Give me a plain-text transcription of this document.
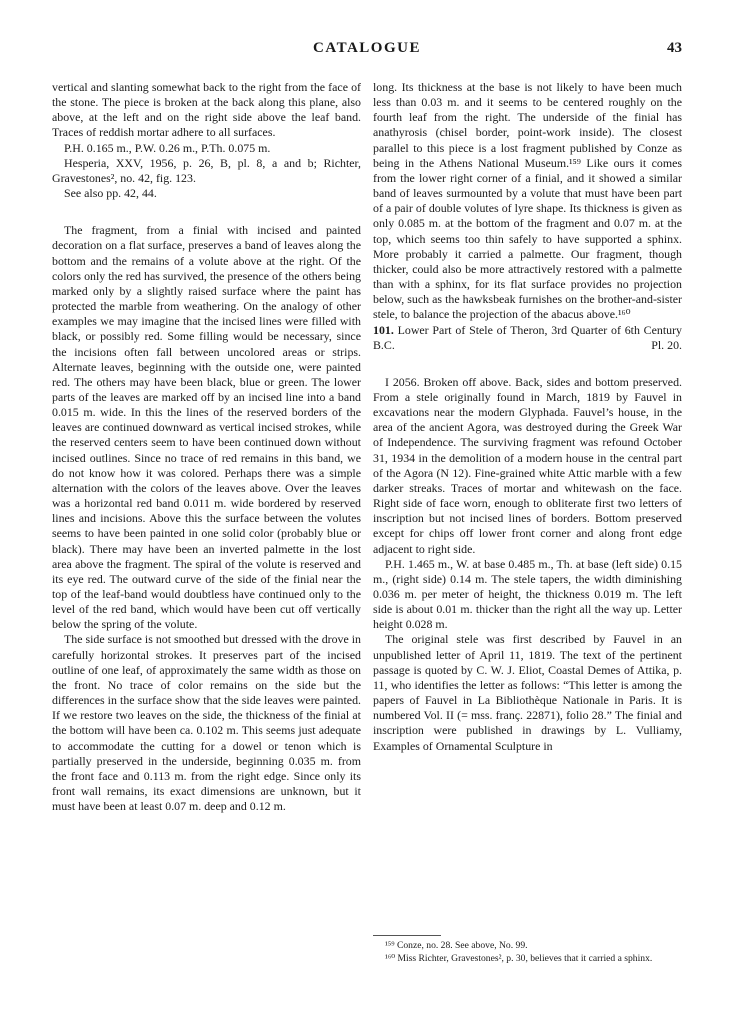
CATALOGUE	43

vertical and slanting somewhat back to the right from the face of the stone. The piece is broken at the back along this plane, also above, at the left and on the right side above the leaf band. Traces of reddish mortar adhere to all surfaces.

P.H. 0.165 m., P.W. 0.26 m., P.Th. 0.075 m.

Hesperia, XXV, 1956, p. 26, B, pl. 8, a and b; Richter, Gravestones², no. 42, fig. 123.

See also pp. 42, 44.

The fragment, from a finial with incised and painted decoration on a flat surface, preserves a band of leaves along the bottom and the remains of a volute above at the right. Of the colors only the red has survived, the presence of the others being marked only by a slightly raised surface where the paint has protected the marble from weathering. On the analogy of other examples we may imagine that the incised lines were filled with black, or possibly red. Some filling would be necessary, since the incisions often fall between uncolored areas or strips. Alternate leaves, beginning with the outside one, were painted red. The others may have been black, blue or green. The lower parts of the leaves are marked off by an incised line into a band 0.015 m. wide. In this the lines of the reserved borders of the leaves are continued downward as vertical incised strokes, while the reserved centers seem to have been continued down without incised outlines. Since no trace of red remains in this band, we do not know how it was colored. Perhaps there was a simple alternation with the colors of the leaves above. Over the leaves was a horizontal red band 0.011 m. wide bordered by reserved lines and incisions. Above this the surface between the volutes seems to have been painted in one solid color (probably blue or black). There may have been an inverted palmette in the lost area above the fragment. The spiral of the volute is reserved and its eye red. The outward curve of the side of the finial near the top of the leaf-band would doubtless have continued only to the level of the red band, which would have been cut off vertically below the spring of the volute.

The side surface is not smoothed but dressed with the drove in carefully horizontal strokes. It preserves part of the incised outline of one leaf, of approximately the same width as those on the front. No trace of color remains on the side but the differences in the surface show that the side leaves were painted. If we restore two leaves on the side, the thickness of the finial at the bottom will have been ca. 0.102 m. This seems just adequate to accommodate the cutting for a dowel or tenon which is partially preserved in the underside, beginning 0.035 m. from the front face and 0.113 m. from the right edge. Since only its front wall remains, its exact dimensions are unknown, but it must have been at least 0.07 m. deep and 0.12 m.

long. Its thickness at the base is not likely to have been much less than 0.03 m. and it seems to be centered roughly on the fourth leaf from the right. The underside of the finial has anathyrosis (chisel border, point-work inside). The closest parallel to this piece is a lost fragment published by Conze as being in the Athens National Museum.¹⁵⁹ Like ours it comes from the lower right corner of a finial, and it showed a similar band of leaves surmounted by a volute that must have been part of a pair of double volutes of lyre shape. Its thickness is given as only 0.085 m. at the bottom of the fragment and 0.07 m. at the top, which seems too thin safely to have supported a sphinx. More probably it carried a palmette. Our fragment, though thicker, could also be more attractively restored with a palmette than with a sphinx, for its flat surface provides no projection below, such as the hawksbeak furnishes on the brother-and-sister stele, to balance the projection of the abacus above.¹⁶⁰

101. Lower Part of Stele of Theron, 3rd Quarter of 6th Century B.C.	Pl. 20.

I 2056. Broken off above. Back, sides and bottom preserved. From a stele originally found in March, 1819 by Fauvel in excavations near the modern Glyphada. Fauvel’s house, in the area of the ancient Agora, was destroyed during the Greek War of Independence. The surviving fragment was refound October 31, 1934 in the demolition of a modern house in the central part of the Agora (N 12). Fine-grained white Attic marble with a few darker streaks. Traces of mortar and whitewash on the face. Right side of face worn, enough to obliterate first two letters of inscription but not incised lines of borders. Bottom preserved except for chips off lower front corner and along front edge adjacent to right side.

P.H. 1.465 m., W. at base 0.485 m., Th. at base (left side) 0.15 m., (right side) 0.14 m. The stele tapers, the width diminishing 0.036 m. per meter of height, the thickness 0.019 m. The left side is about 0.01 m. thicker than the right all the way up. Letter height 0.028 m.

The original stele was first described by Fauvel in an unpublished letter of April 11, 1819. The text of the pertinent passage is quoted by C. W. J. Eliot, Coastal Demes of Attika, p. 11, who identifies the letter as follows: “This letter is among the papers of Fauvel in La Bibliothèque Nationale in Paris. It is numbered Vol. II (= mss. franç. 22871), folio 28.” The finial and inscription were published in drawings by L. Vulliamy, Examples of Ornamental Sculpture in

¹⁵⁹ Conze, no. 28. See above, No. 99.

¹⁶⁰ Miss Richter, Gravestones², p. 30, believes that it carried a sphinx.
